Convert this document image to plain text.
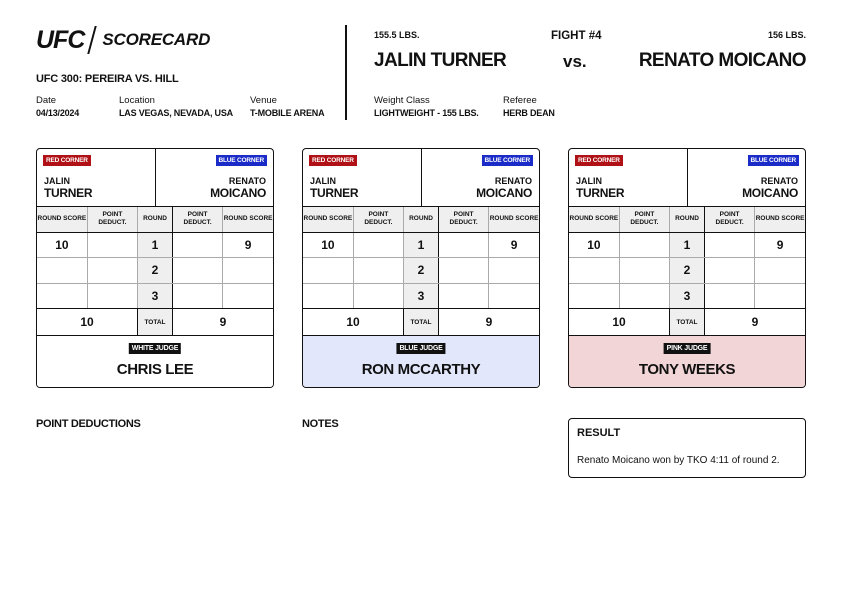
UFC SCORECARD
UFC 300: PEREIRA VS. HILL
Date
04/13/2024
Location
LAS VEGAS, NEVADA, USA
Venue
T-MOBILE ARENA
155.5 LBS.
JALIN TURNER
FIGHT #4
vs.
156 LBS.
RENATO MOICANO
Weight Class
LIGHTWEIGHT - 155 LBS.
Referee
HERB DEAN
RED CORNER
JALIN
TURNER
BLUE CORNER
RENATO
MOICANO
ROUND SCORE	POINT DEDUCT.	ROUND	POINT DEDUCT.	ROUND SCORE
10		1		9
		2		
		3		
10		TOTAL	9	
WHITE JUDGE
CHRIS LEE
RED CORNER
JALIN
TURNER
BLUE CORNER
RENATO
MOICANO
ROUND SCORE	POINT DEDUCT.	ROUND	POINT DEDUCT.	ROUND SCORE
10		1		9
		2		
		3		
10		TOTAL	9	
BLUE JUDGE
RON MCCARTHY
RED CORNER
JALIN
TURNER
BLUE CORNER
RENATO
MOICANO
ROUND SCORE	POINT DEDUCT.	ROUND	POINT DEDUCT.	ROUND SCORE
10		1		9
		2		
		3		
10		TOTAL	9	
PINK JUDGE
TONY WEEKS
POINT DEDUCTIONS	NOTES
RESULT
Renato Moicano won by TKO 4:11 of round 2.
